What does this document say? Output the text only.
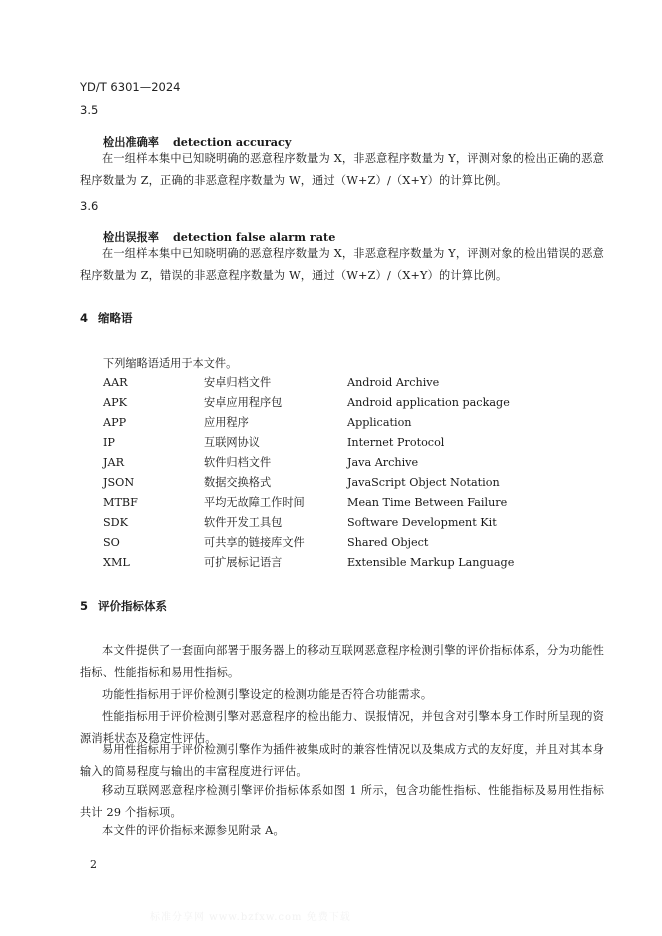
YD/T 6301—2024
3.5
检出准确率 detection accuracy
在一组样本集中已知晓明确的恶意程序数量为 X，非恶意程序数量为 Y，评测对象的检出正确的恶意程序数量为 Z，正确的非恶意程序数量为 W，通过（W+Z）/（X+Y）的计算比例。
3.6
检出误报率 detection false alarm rate
在一组样本集中已知晓明确的恶意程序数量为 X，非恶意程序数量为 Y，评测对象的检出错误的恶意程序数量为 Z，错误的非恶意程序数量为 W，通过（W+Z）/（X+Y）的计算比例。
4 缩略语
下列缩略语适用于本文件。
AAR	安卓归档文件	Android Archive
APK	安卓应用程序包	Android application package
APP	应用程序	Application
IP	互联网协议	Internet Protocol
JAR	软件归档文件	Java Archive
JSON	数据交换格式	JavaScript Object Notation
MTBF	平均无故障工作时间	Mean Time Between Failure
SDK	软件开发工具包	Software Development Kit
SO	可共享的链接库文件	Shared Object
XML	可扩展标记语言	Extensible Markup Language
5 评价指标体系
本文件提供了一套面向部署于服务器上的移动互联网恶意程序检测引擎的评价指标体系，分为功能性指标、性能指标和易用性指标。
功能性指标用于评价检测引擎设定的检测功能是否符合功能需求。
性能指标用于评价检测引擎对恶意程序的检出能力、误报情况，并包含对引擎本身工作时所呈现的资源消耗状态及稳定性评估。
易用性指标用于评价检测引擎作为插件被集成时的兼容性情况以及集成方式的友好度，并且对其本身输入的简易程度与输出的丰富程度进行评估。
移动互联网恶意程序检测引擎评价指标体系如图 1 所示，包含功能性指标、性能指标及易用性指标共计 29 个指标项。
本文件的评价指标来源参见附录 A。
2
标准分享网 www.bzfxw.com 免费下载
